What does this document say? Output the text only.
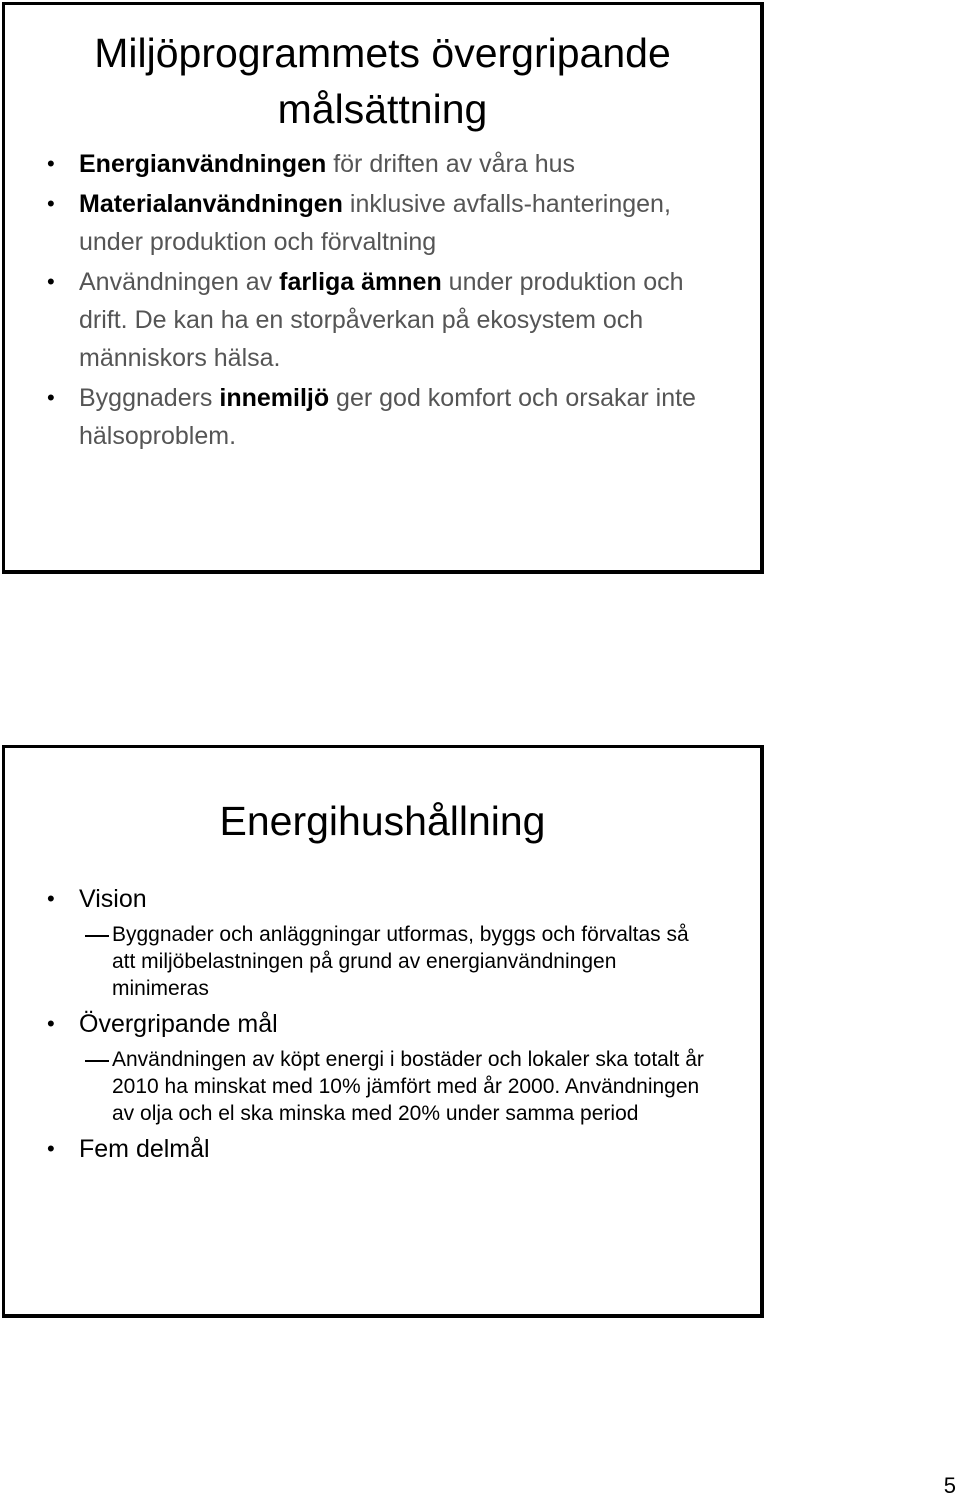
Miljöprogrammets övergripande målsättning
• Energianvändningen för driften av våra hus
• Materialanvändningen inklusive avfalls-hanteringen, under produktion och förvaltning
• Användningen av farliga ämnen under produktion och drift. De kan ha en storpåverkan på ekosystem och människors hälsa.
• Byggnaders innemiljö ger god komfort och orsakar inte hälsoproblem.
Energihushållning
• Vision
Byggnader och anläggningar utformas, byggs och förvaltas så att miljöbelastningen på grund av energianvändningen minimeras
• Övergripande mål
Användningen av köpt energi i bostäder och lokaler ska totalt år 2010 ha minskat med 10% jämfört med år 2000. Användningen av olja och el ska minska med 20% under samma period
• Fem delmål
5
